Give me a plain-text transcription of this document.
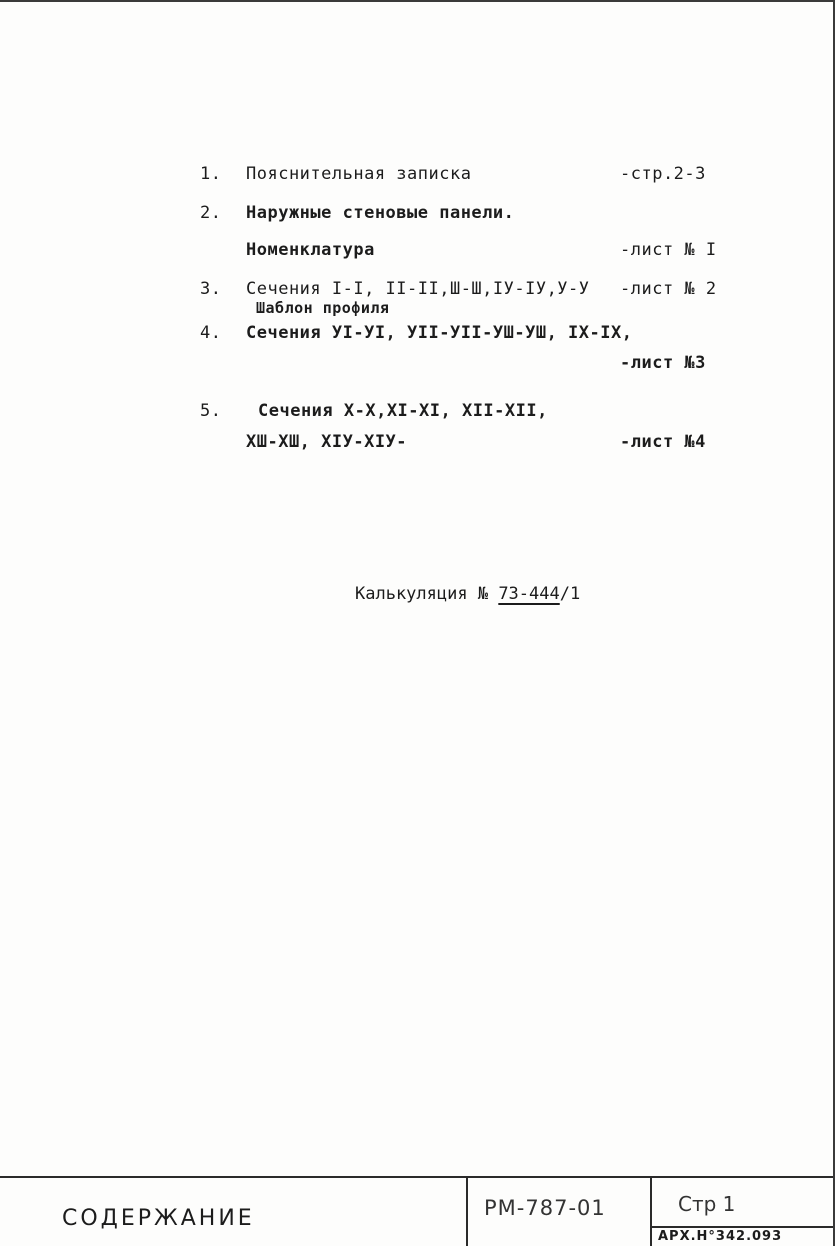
1. Пояснительная записка	-стр.2-3
2. Наружные стеновые панели.
Номенклатура	-лист № I
3. Сечения I-I, II-II,Ш-Ш,IУ-IУ,У-У -лист № 2
Шаблон профиля
4. Сечения УI-УI, УII-УII-УШ-УШ, IХ-IХ,
-лист №3
5. Сечения Х-Х,ХI-ХI, ХII-ХII,
ХШ-ХШ, ХIУ-ХIУ-	-лист №4
Калькуляция № 73-444/1
СОДЕРЖАНИЕ	РМ-787-01	Стр 1
АРХ.Н°342.093
